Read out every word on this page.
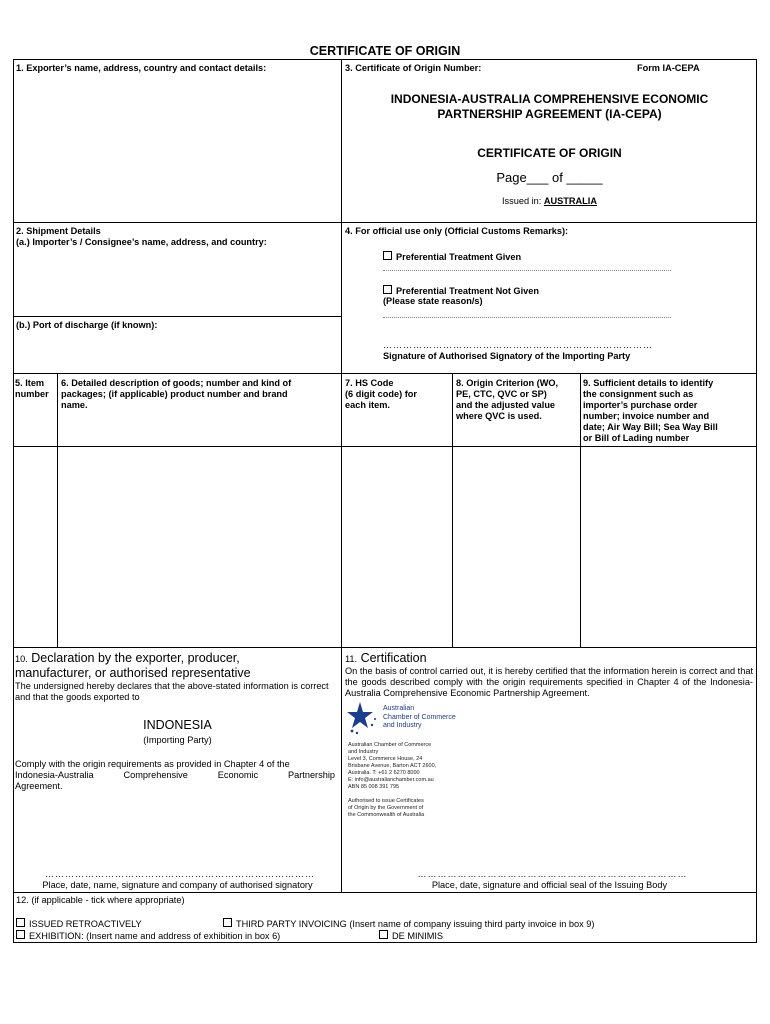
CERTIFICATE OF ORIGIN
1. Exporter’s name, address, country and contact details:	3. Certificate of Origin Number:	Form IA-CEPA
INDONESIA-AUSTRALIA COMPREHENSIVE ECONOMIC
PARTNERSHIP AGREEMENT (IA-CEPA)
CERTIFICATE OF ORIGIN
Page___ of _____
Issued in: AUSTRALIA
2. Shipment Details
(a.) Importer’s / Consignee’s name, address, and country:
(b.) Port of discharge (if known):
4. For official use only (Official Customs Remarks):
Preferential Treatment Given
Preferential Treatment Not Given
(Please state reason/s)
………………………………………………………………………
Signature of Authorised Signatory of the Importing Party
5. Item
number
6. Detailed description of goods; number and kind of
packages; (if applicable) product number and brand
name.
7. HS Code
(6 digit code) for
each item.
8. Origin Criterion (WO,
PE, CTC, QVC or SP)
and the adjusted value
where QVC is used.
9. Sufficient details to identify
the consignment such as
importer’s purchase order
number; invoice number and
date; Air Way Bill; Sea Way Bill
or Bill of Lading number
10. Declaration by the exporter, producer,
manufacturer, or authorised representative
The undersigned hereby declares that the above-stated information is correct and that the goods exported to
INDONESIA
(Importing Party)
Comply with the origin requirements as provided in Chapter 4 of the
Indonesia-Australia	Comprehensive	Economic	Partnership
Agreement.
………………………………………………………………………
Place, date, name, signature and company of authorised signatory
11. Certification
On the basis of control carried out, it is hereby certified that the information herein is correct and that the goods described comply with the origin requirements specified in Chapter 4 of the Indonesia-Australia Comprehensive Economic Partnership Agreement.
Australian
Chamber of Commerce
and Industry
Australian Chamber of Commerce
and Industry
Level 3, Commerce House, 24
Brisbane Avenue, Barton ACT 2600,
Australia. T: +61 2 6270 8000
E: info@australianchamber.com.au
ABN 85 008 391 795
Authorised to issue Certificates
of Origin by the Government of
the Commonwealth of Australia
………………………………………………………………………
Place, date, signature and official seal of the Issuing Body
12. (if applicable - tick where appropriate)
ISSUED RETROACTIVELY	THIRD PARTY INVOICING (Insert name of company issuing third party invoice in box 9)
EXHIBITION: (Insert name and address of exhibition in box 6)	DE MINIMIS
